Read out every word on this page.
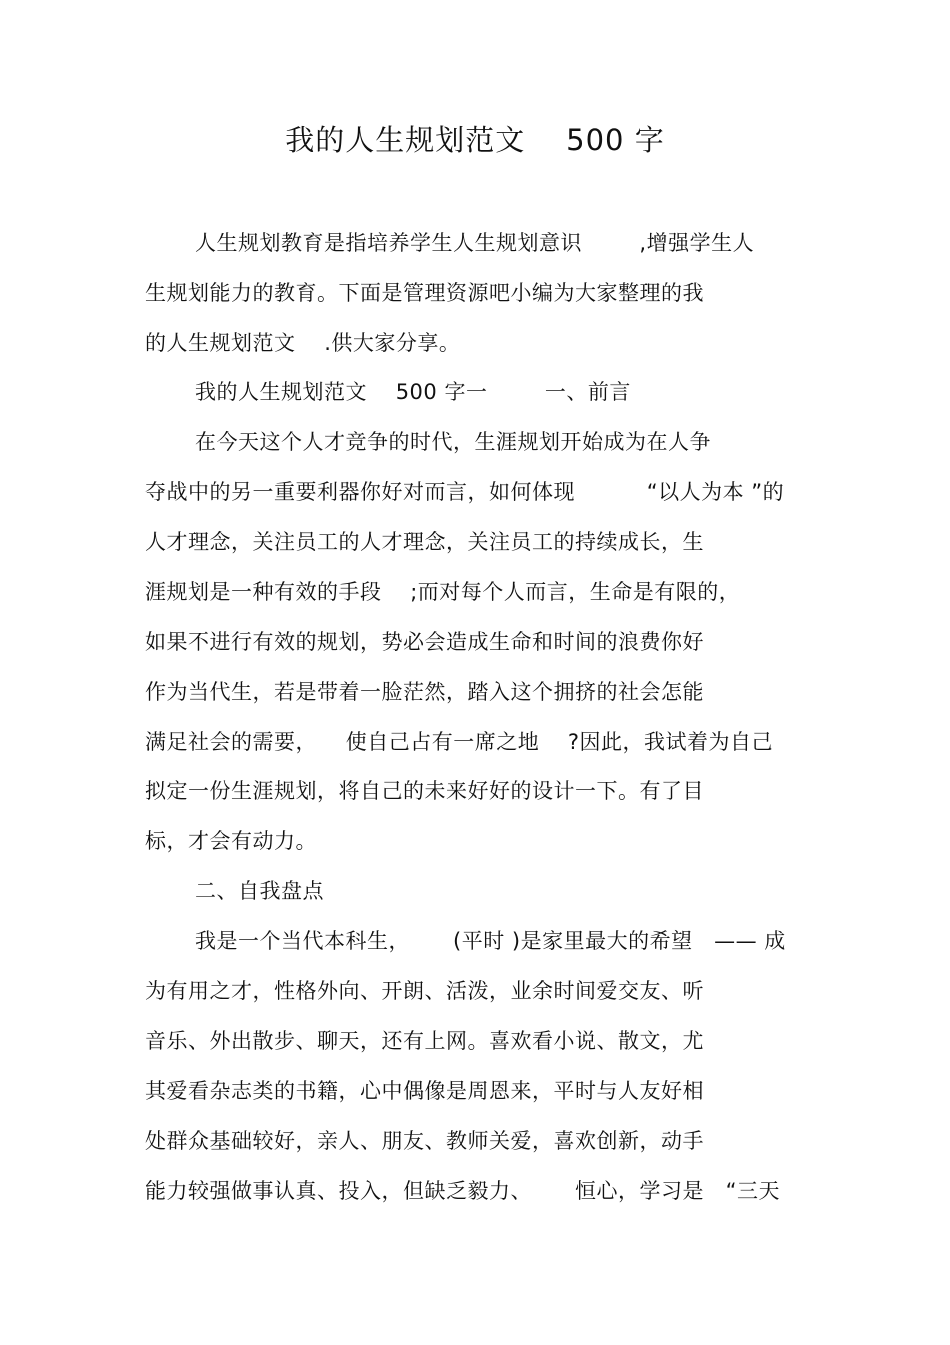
我的人生规划范文    500 字
人生规划教育是指培养学生人生规划意识        ,增强学生人
生规划能力的教育。下面是管理资源吧小编为大家整理的我
的人生规划范文    .供大家分享。
我的人生规划范文    500 字一        一、前言
在今天这个人才竞争的时代，生涯规划开始成为在人争
夺战中的另一重要利器你好对而言，如何体现          “以人为本 ”的
人才理念，关注员工的人才理念，关注员工的持续成长，生
涯规划是一种有效的手段    ;而对每个人而言，生命是有限的，
如果不进行有效的规划，势必会造成生命和时间的浪费你好
作为当代生，若是带着一脸茫然，踏入这个拥挤的社会怎能
满足社会的需要，    使自己占有一席之地    ?因此，我试着为自己
拟定一份生涯规划，将自己的未来好好的设计一下。有了目
标，才会有动力。
二、自我盘点
我是一个当代本科生，      (平时 )是家里最大的希望   —— 成
为有用之才，性格外向、开朗、活泼，业余时间爱交友、听
音乐、外出散步、聊天，还有上网。喜欢看小说、散文，尤
其爱看杂志类的书籍，心中偶像是周恩来，平时与人友好相
处群众基础较好，亲人、朋友、教师关爱，喜欢创新，动手
能力较强做事认真、投入，但缺乏毅力、      恒心，学习是   “三天
